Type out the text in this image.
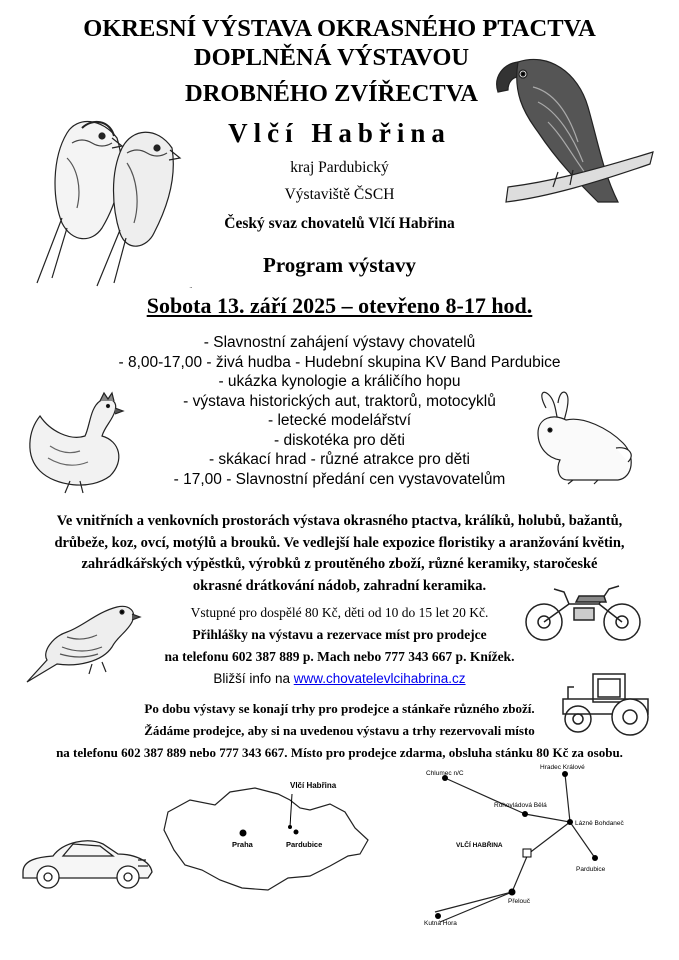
OKRESNÍ VÝSTAVA OKRASNÉHO PTACTVA
DOPLNĚNÁ VÝSTAVOU
DROBNÉHO ZVÍŘECTVA
Vlčí Habřina
kraj Pardubický
Výstaviště ČSCH
Český svaz chovatelů Vlčí Habřina
Program výstavy
Sobota 13. září 2025 – otevřeno 8-17 hod.
- Slavnostní zahájení výstavy chovatelů
- 8,00-17,00 - živá hudba - Hudební skupina KV Band Pardubice
- ukázka kynologie a králičího hopu
- výstava historických aut, traktorů, motocyklů
- letecké modelářství
- diskotéka pro děti
- skákací hrad - různé atrakce pro děti
- 17,00 - Slavnostní předání cen vystavovatelům
Ve vnitřních a venkovních prostorách výstava okrasného ptactva, králíků, holubů, bažantů,
drůbeže, koz, ovcí, motýlů a brouků. Ve vedlejší hale expozice floristiky a aranžování květin,
zahrádkářských výpěstků, výrobků z proutěného zboží, různé keramiky, staročeské
okrasné drátkování nádob, zahradní keramika.
Vstupné pro dospělé 80 Kč, děti od 10 do 15 let 20 Kč.
Přihlášky na výstavu a rezervace míst pro prodejce
na telefonu 602 387 889 p. Mach nebo 777 343 667 p. Knížek.
Bližší info na www.chovatelevlcihabrina.cz
Po dobu výstavy se konají trhy pro prodejce a stánkaře různého zboží.
Žádáme prodejce, aby si na uvedenou výstavu a trhy rezervovali místo
na telefonu 602 387 889 nebo 777 343 667. Místo pro prodejce zdarma, obsluha stánku 80 Kč za osobu.
Vlčí Habřina
Praha	Pardubice
Chlumec n/C
Hradec Králové
Rohovládová Bělá
Lázně Bohdaneč
VLČÍ HABŘINA
Pardubice
Přelouč
Kutná Hora
